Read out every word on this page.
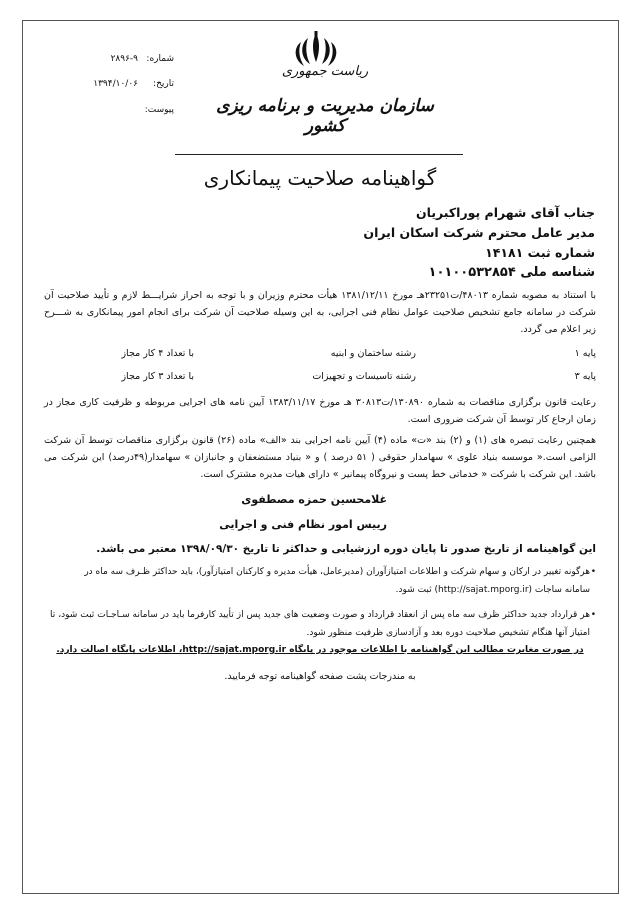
شماره:
۲۸۹۶-۹
تاریخ:
۱۳۹۴/۱۰/۰۶
پیوست:
ریاست جمهوری
سازمان مدیریت و برنامه ریزی کشور
گواهینامه صلاحیت پیمانکاری
جناب آقای شهرام پوراکبریان
مدیر عامل محترم شرکت اسکان ایران
شماره ثبت ۱۴۱۸۱
شناسه ملی ۱۰۱۰۰۵۳۲۸۵۴
با استناد به مصوبه شماره ۴۸۰۱۳/ت۲۳۲۵۱هـ مورخ ۱۳۸۱/۱۲/۱۱ هیأت محترم وزیران و با توجه به احراز شرایـــط لازم و تأیید صلاحیت آن شرکت در سامانه جامع تشخیص صلاحیت عوامل نظام فنی اجرایی، به این وسیله صلاحیت آن شرکت برای انجام امور پیمانکاری به شـــرح زیر اعلام می گردد.
پایه ۱
رشته ساختمان و ابنیه
با تعداد ۴ کار مجاز
پایه ۳
رشته تاسیسات و تجهیزات
با تعداد ۳ کار مجاز
رعایت قانون برگزاری مناقصات به شماره ۱۳۰۸۹۰/ت۳۰۸۱۳ هـ مورخ ۱۳۸۳/۱۱/۱۷ آیین نامه های اجرایی مربوطه و ظرفیت کاری مجاز در زمان ارجاع کار توسط آن شرکت ضروری است.
همچنین رعایت تبصره های (۱) و (۲) بند «ت» ماده (۴) آیین نامه اجرایی بند «الف» ماده (۲۶) قانون برگزاری مناقصات توسط آن شرکت الزامی است.« موسسه بنیاد علوی » سهامدار حقوقی ( ۵۱ درصد ) و « بنیاد مستضعفان و جانبازان » سهامدار(۴۹درصد) این شرکت می باشد. این شرکت با شرکت « خدماتی خط پست و نیروگاه پیمانیر » دارای هیات مدیره مشترک است.
غلامحسین حمزه مصطفوی
رییس امور نظام فنی و اجرایی
این گواهینامه از تاریخ صدور تا پایان دوره ارزشیابی و حداکثر تا تاریخ ۱۳۹۸/۰۹/۳۰ معتبر می باشد.
•
هرگونه تغییر در ارکان و سهام شرکت و اطلاعات امتیازآوران (مدیرعامل، هیأت مدیره و کارکنان امتیازآور)، باید حداکثر ظـرف سه ماه در
سامانه ساجات (http://sajat.mporg.ir) ثبت شود.
•
هر قرارداد جدید حداکثر ظرف سه ماه پس از انعقاد قرارداد و صورت وضعیت های جدید پس از تأیید کارفرما باید در سامانه سـاجـات ثبت شود، تا امتیاز آنها هنگام تشخیص صلاحیت دوره بعد و آزادسازی ظرفیت منظور شود.
در صورت مغایرت مطالب این گواهینامه با اطلاعات موجود در پایگاه http://sajat.mporg.ir، اطلاعات پایگاه اصالت دارد.
به مندرجات پشت صفحه گواهینامه توجه فرمایید.
